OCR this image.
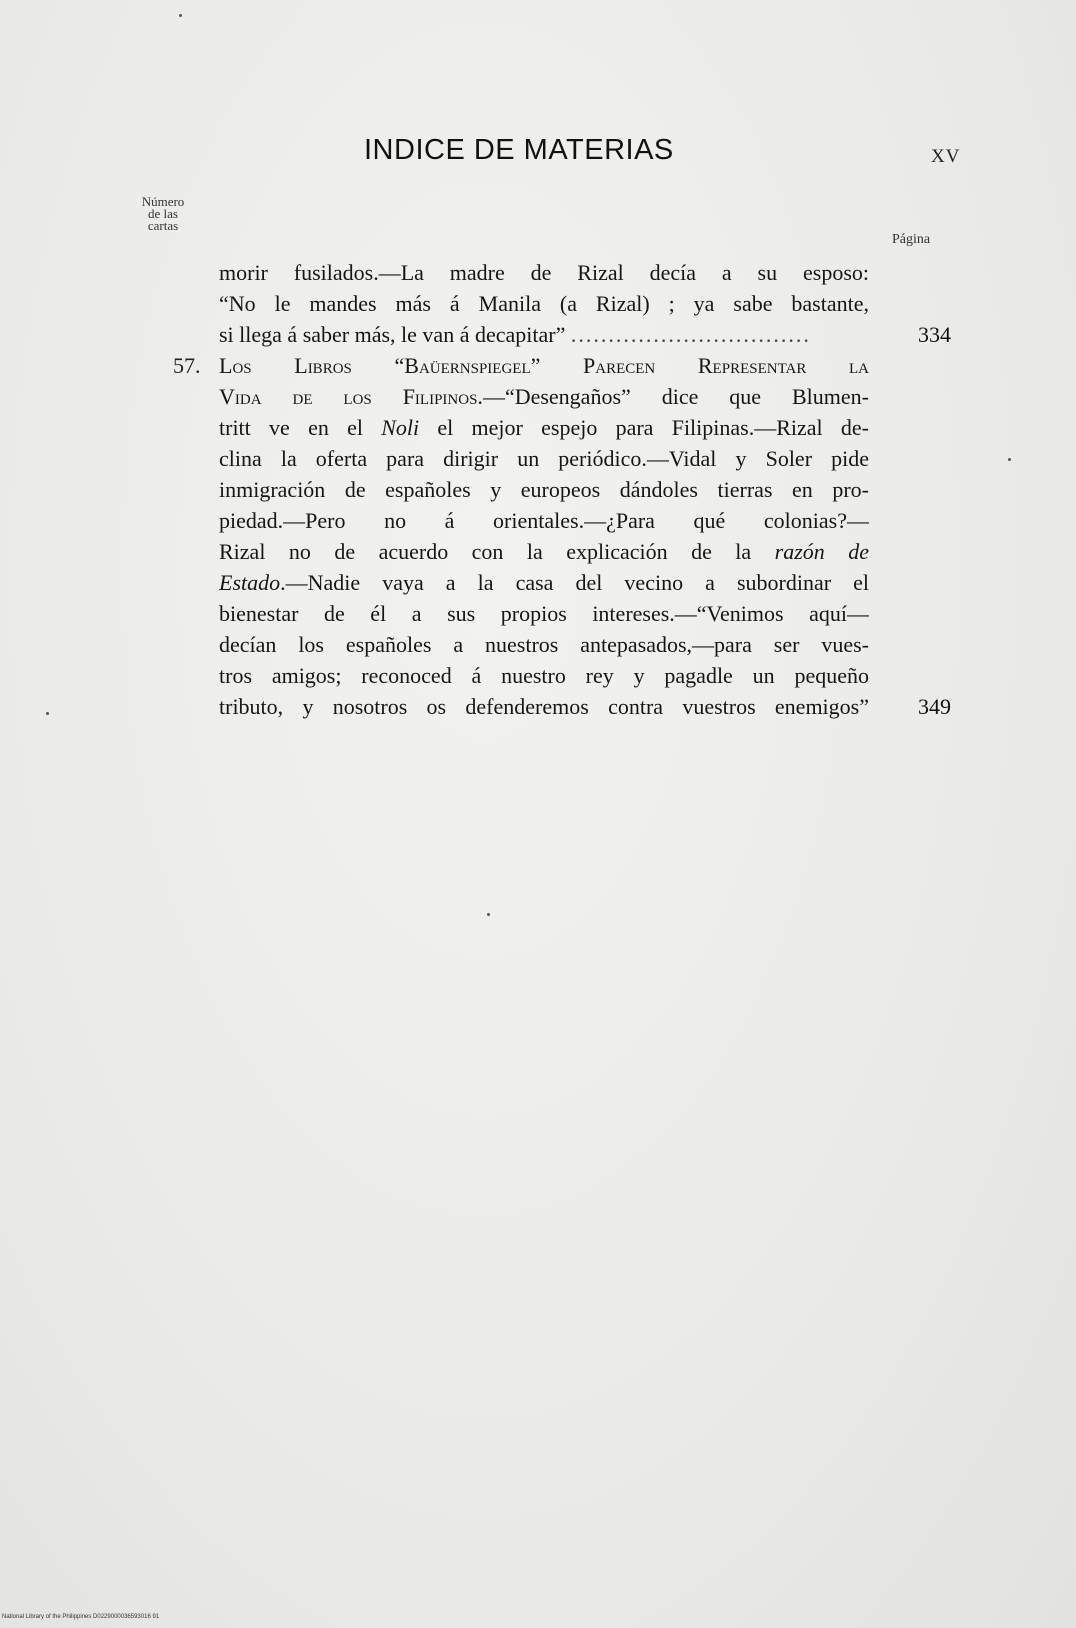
INDICE DE MATERIAS	XV
Número
de las
cartas
Página
morir fusilados.—La madre de Rizal decía a su esposo:
“No le mandes más á Manila (a Rizal) ; ya sabe bastante,
si llega á saber más, le van á decapitar” ................................	334
57. Los Libros “Baüernspiegel” Parecen Representar la
Vida de los Filipinos.—“Desengaños” dice que Blumen-
tritt ve en el Noli el mejor espejo para Filipinas.—Rizal de-
clina la oferta para dirigir un periódico.—Vidal y Soler pide
inmigración de españoles y europeos dándoles tierras en pro-
piedad.—Pero no á orientales.—¿Para qué colonias?—
Rizal no de acuerdo con la explicación de la razón de
Estado.—Nadie vaya a la casa del vecino a subordinar el
bienestar de él a sus propios intereses.—“Venimos aquí—
decían los españoles a nuestros antepasados,—para ser vues-
tros amigos; reconoced á nuestro rey y pagadle un pequeño
tributo, y nosotros os defenderemos contra vuestros enemigos” 349
National Library of the Philippines D0229000036593016 91
